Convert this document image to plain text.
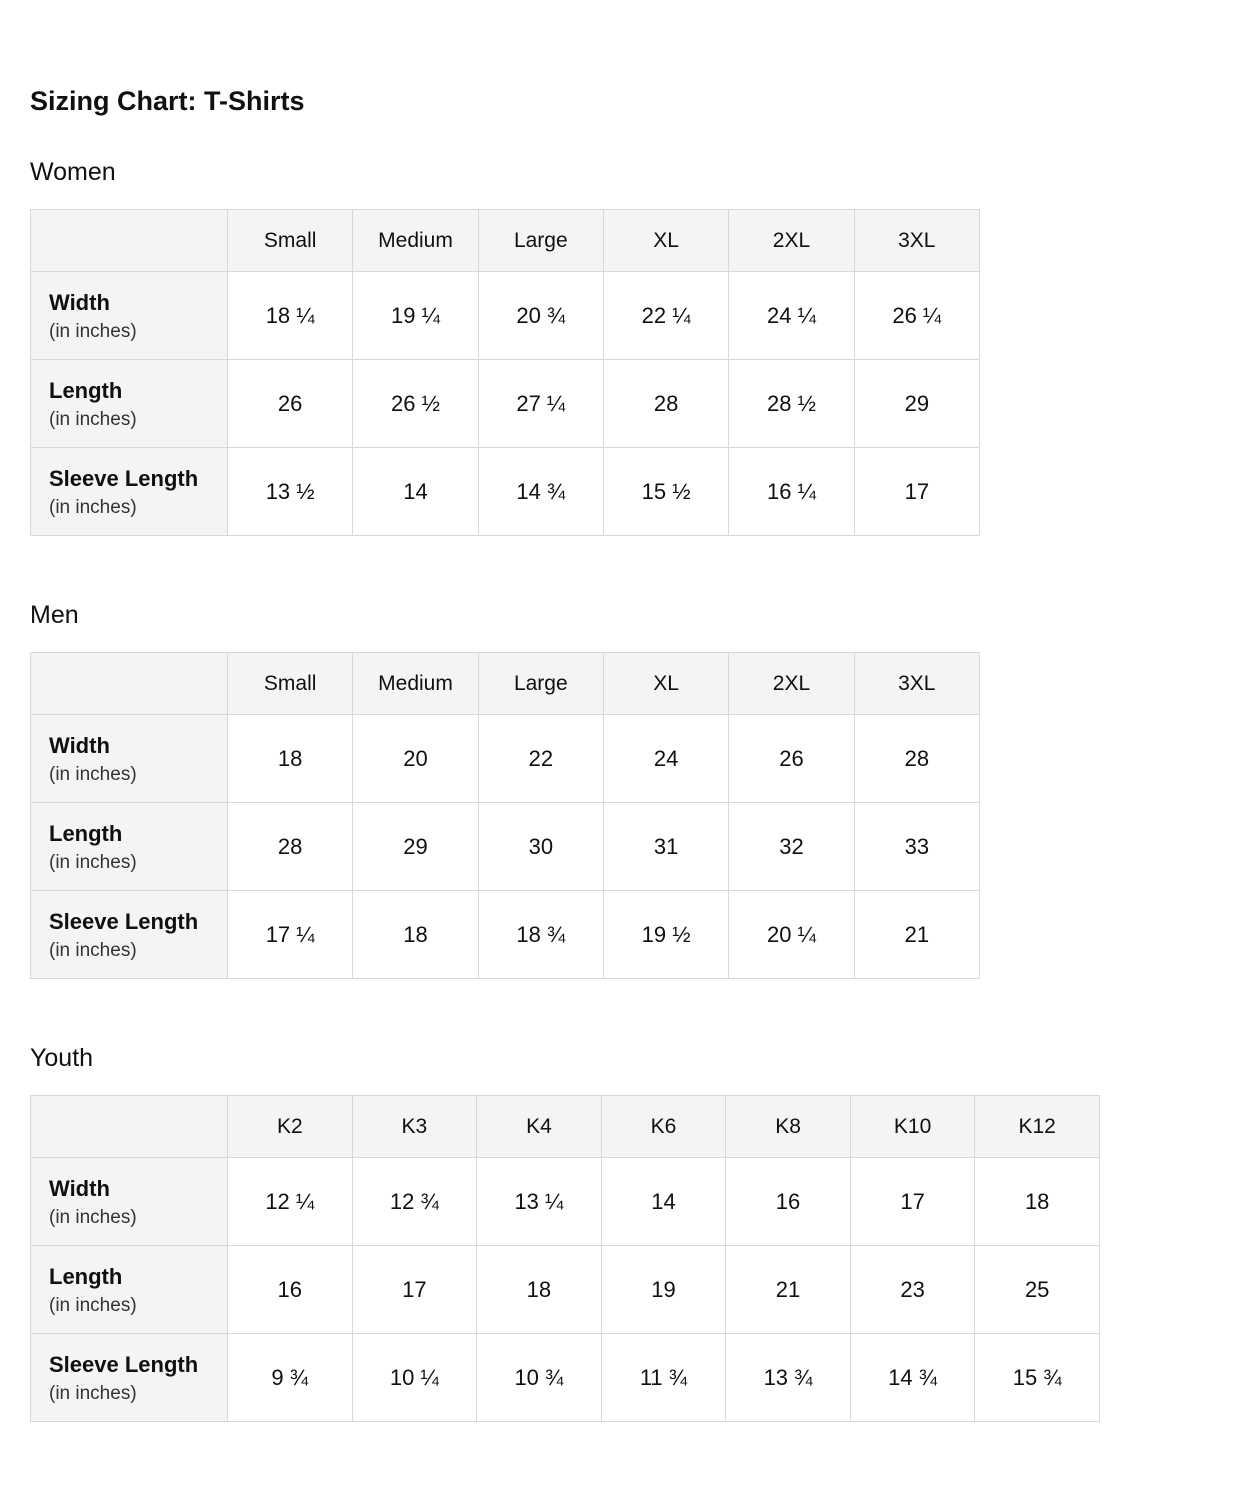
Sizing Chart: T-Shirts
Women
	Small	Medium	Large	XL	2XL	3XL

Width
(in inches)	18 ¼	19 ¼	20 ¾	22 ¼	24 ¼	26 ¼

Length
(in inches)	26	26 ½	27 ¼	28	28 ½	29

Sleeve Length
(in inches)	13 ½	14	14 ¾	15 ½	16 ¼	17
Men
	Small	Medium	Large	XL	2XL	3XL

Width
(in inches)	18	20	22	24	26	28

Length
(in inches)	28	29	30	31	32	33

Sleeve Length
(in inches)	17 ¼	18	18 ¾	19 ½	20 ¼	21
Youth
	K2	K3	K4	K6	K8	K10	K12

Width
(in inches)	12 ¼	12 ¾	13 ¼	14	16	17	18

Length
(in inches)	16	17	18	19	21	23	25

Sleeve Length
(in inches)	9 ¾	10 ¼	10 ¾	11 ¾	13 ¾	14 ¾	15 ¾
